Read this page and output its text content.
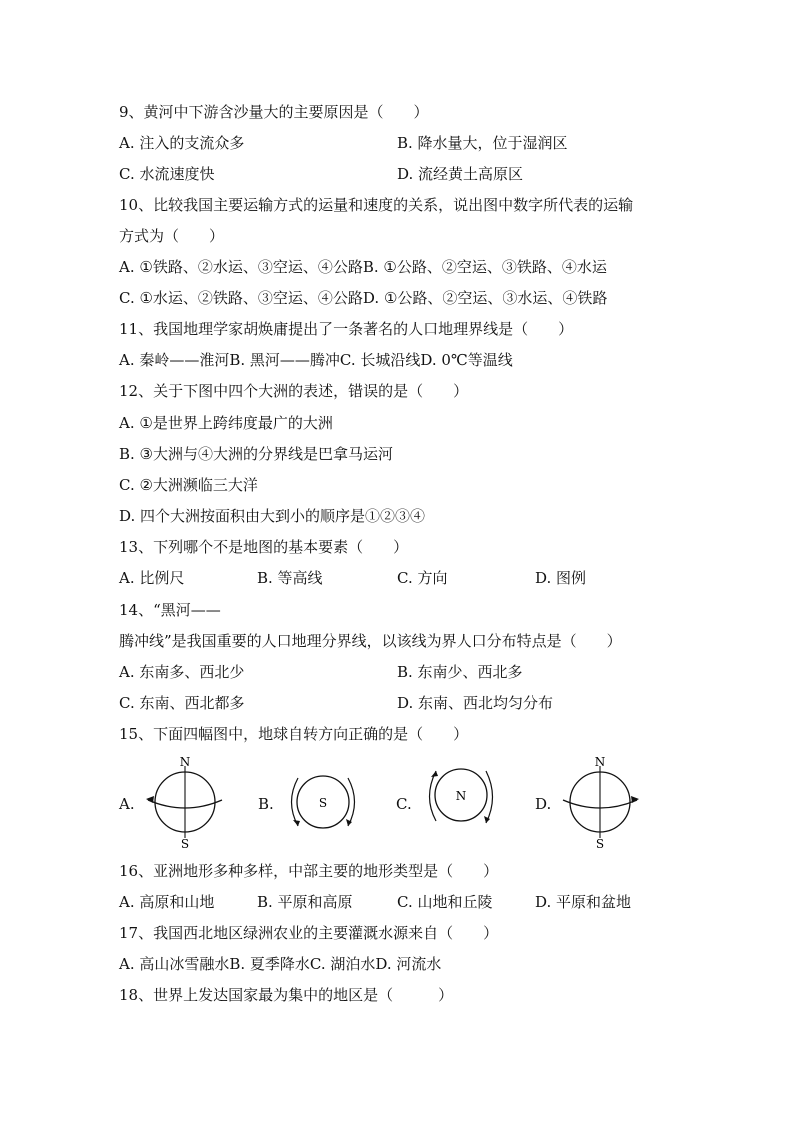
9、黄河中下游含沙量大的主要原因是（　　）
A. 注入的支流众多	B. 降水量大，位于湿润区
C. 水流速度快	D. 流经黄土高原区
10、比较我国主要运输方式的运量和速度的关系，说出图中数字所代表的运输
方式为（　　）
A. ①铁路、②水运、③空运、④公路B. ①公路、②空运、③铁路、④水运
C. ①水运、②铁路、③空运、④公路D. ①公路、②空运、③水运、④铁路
11、我国地理学家胡焕庸提出了一条著名的人口地理界线是（　　）
A. 秦岭——淮河B. 黑河——腾冲C. 长城沿线D. 0℃等温线
12、关于下图中四个大洲的表述，错误的是（　　）
A. ①是世界上跨纬度最广的大洲
B. ③大洲与④大洲的分界线是巴拿马运河
C. ②大洲濒临三大洋
D. 四个大洲按面积由大到小的顺序是①②③④
13、下列哪个不是地图的基本要素（　　）
A. 比例尺	B. 等高线	C. 方向	D. 图例
14、“黑河——
腾冲线”是我国重要的人口地理分界线，以该线为界人口分布特点是（　　）
A. 东南多、西北少	B. 东南少、西北多
C. 东南、西北都多	D. 东南、西北均匀分布
15、下面四幅图中，地球自转方向正确的是（　　）
A.
N
S
B.	S	C.	N	D.
N
S
16、亚洲地形多种多样，中部主要的地形类型是（　　）
A. 高原和山地	B. 平原和高原	C. 山地和丘陵	D. 平原和盆地
17、我国西北地区绿洲农业的主要灌溉水源来自（　　）
A. 高山冰雪融水B. 夏季降水C. 湖泊水D. 河流水
18、世界上发达国家最为集中的地区是（　　　）
